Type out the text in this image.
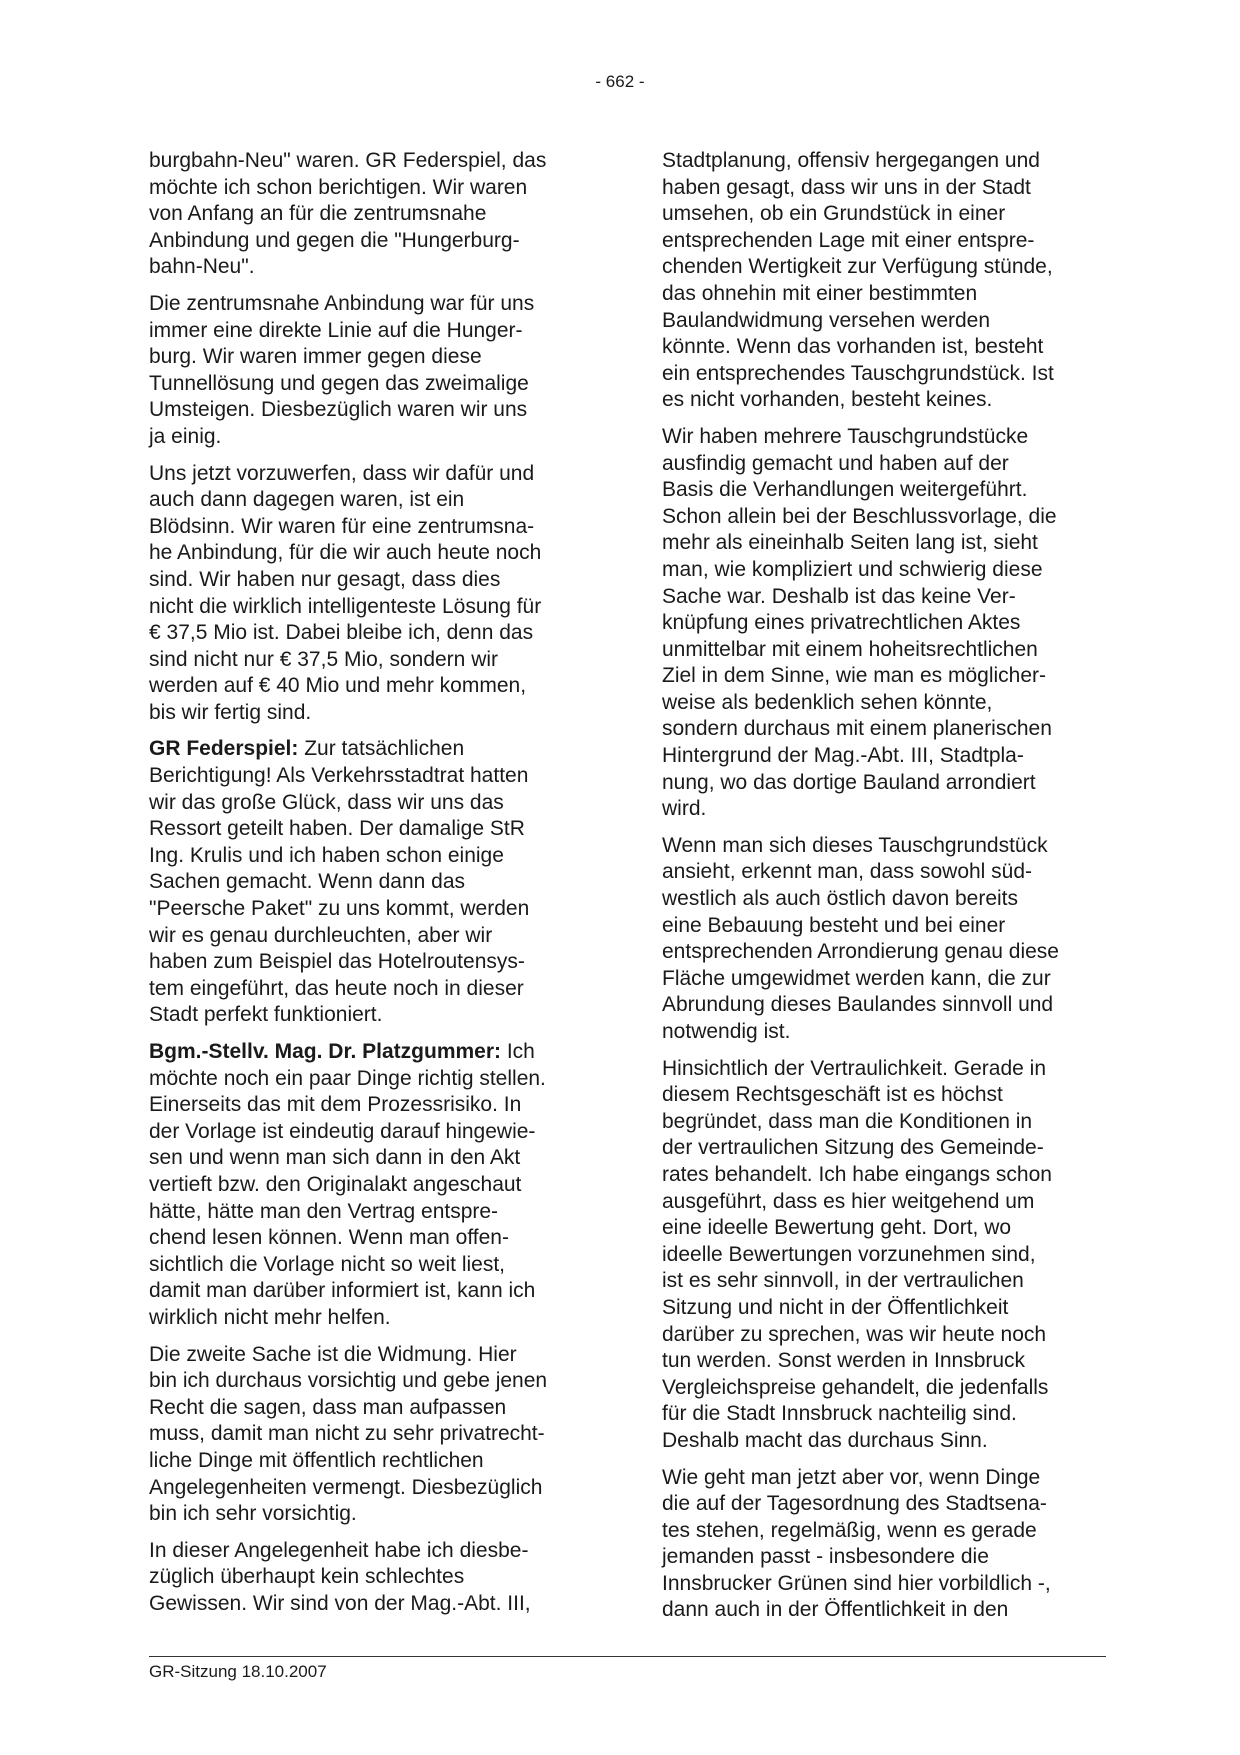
- 662 -

burgbahn-Neu" waren. GR Federspiel, das
möchte ich schon berichtigen. Wir waren
von Anfang an für die zentrumsnahe
Anbindung und gegen die "Hungerburg-
bahn-Neu".

Die zentrumsnahe Anbindung war für uns
immer eine direkte Linie auf die Hunger-
burg. Wir waren immer gegen diese
Tunnellösung und gegen das zweimalige
Umsteigen. Diesbezüglich waren wir uns
ja einig.

Uns jetzt vorzuwerfen, dass wir dafür und
auch dann dagegen waren, ist ein
Blödsinn. Wir waren für eine zentrumsna-
he Anbindung, für die wir auch heute noch
sind. Wir haben nur gesagt, dass dies
nicht die wirklich intelligenteste Lösung für
€ 37,5 Mio ist. Dabei bleibe ich, denn das
sind nicht nur € 37,5 Mio, sondern wir
werden auf € 40 Mio und mehr kommen,
bis wir fertig sind.

GR Federspiel: Zur tatsächlichen
Berichtigung! Als Verkehrsstadtrat hatten
wir das große Glück, dass wir uns das
Ressort geteilt haben. Der damalige StR
Ing. Krulis und ich haben schon einige
Sachen gemacht. Wenn dann das
"Peersche Paket" zu uns kommt, werden
wir es genau durchleuchten, aber wir
haben zum Beispiel das Hotelroutensys-
tem eingeführt, das heute noch in dieser
Stadt perfekt funktioniert.

Bgm.-Stellv. Mag. Dr. Platzgummer: Ich
möchte noch ein paar Dinge richtig stellen.
Einerseits das mit dem Prozessrisiko. In
der Vorlage ist eindeutig darauf hingewie-
sen und wenn man sich dann in den Akt
vertieft bzw. den Originalakt angeschaut
hätte, hätte man den Vertrag entspre-
chend lesen können. Wenn man offen-
sichtlich die Vorlage nicht so weit liest,
damit man darüber informiert ist, kann ich
wirklich nicht mehr helfen.

Die zweite Sache ist die Widmung. Hier
bin ich durchaus vorsichtig und gebe jenen
Recht die sagen, dass man aufpassen
muss, damit man nicht zu sehr privatrecht-
liche Dinge mit öffentlich rechtlichen
Angelegenheiten vermengt. Diesbezüglich
bin ich sehr vorsichtig.

In dieser Angelegenheit habe ich diesbe-
züglich überhaupt kein schlechtes
Gewissen. Wir sind von der Mag.-Abt. III,

Stadtplanung, offensiv hergegangen und
haben gesagt, dass wir uns in der Stadt
umsehen, ob ein Grundstück in einer
entsprechenden Lage mit einer entspre-
chenden Wertigkeit zur Verfügung stünde,
das ohnehin mit einer bestimmten
Baulandwidmung versehen werden
könnte. Wenn das vorhanden ist, besteht
ein entsprechendes Tauschgrundstück. Ist
es nicht vorhanden, besteht keines.

Wir haben mehrere Tauschgrundstücke
ausfindig gemacht und haben auf der
Basis die Verhandlungen weitergeführt.
Schon allein bei der Beschlussvorlage, die
mehr als eineinhalb Seiten lang ist, sieht
man, wie kompliziert und schwierig diese
Sache war. Deshalb ist das keine Ver-
knüpfung eines privatrechtlichen Aktes
unmittelbar mit einem hoheitsrechtlichen
Ziel in dem Sinne, wie man es möglicher-
weise als bedenklich sehen könnte,
sondern durchaus mit einem planerischen
Hintergrund der Mag.-Abt. III, Stadtpla-
nung, wo das dortige Bauland arrondiert
wird.

Wenn man sich dieses Tauschgrundstück
ansieht, erkennt man, dass sowohl süd-
westlich als auch östlich davon bereits
eine Bebauung besteht und bei einer
entsprechenden Arrondierung genau diese
Fläche umgewidmet werden kann, die zur
Abrundung dieses Baulandes sinnvoll und
notwendig ist.

Hinsichtlich der Vertraulichkeit. Gerade in
diesem Rechtsgeschäft ist es höchst
begründet, dass man die Konditionen in
der vertraulichen Sitzung des Gemeinde-
rates behandelt. Ich habe eingangs schon
ausgeführt, dass es hier weitgehend um
eine ideelle Bewertung geht. Dort, wo
ideelle Bewertungen vorzunehmen sind,
ist es sehr sinnvoll, in der vertraulichen
Sitzung und nicht in der Öffentlichkeit
darüber zu sprechen, was wir heute noch
tun werden. Sonst werden in Innsbruck
Vergleichspreise gehandelt, die jedenfalls
für die Stadt Innsbruck nachteilig sind.
Deshalb macht das durchaus Sinn.

Wie geht man jetzt aber vor, wenn Dinge
die auf der Tagesordnung des Stadtsena-
tes stehen, regelmäßig, wenn es gerade
jemanden passt - insbesondere die
Innsbrucker Grünen sind hier vorbildlich -,
dann auch in der Öffentlichkeit in den

GR-Sitzung 18.10.2007
